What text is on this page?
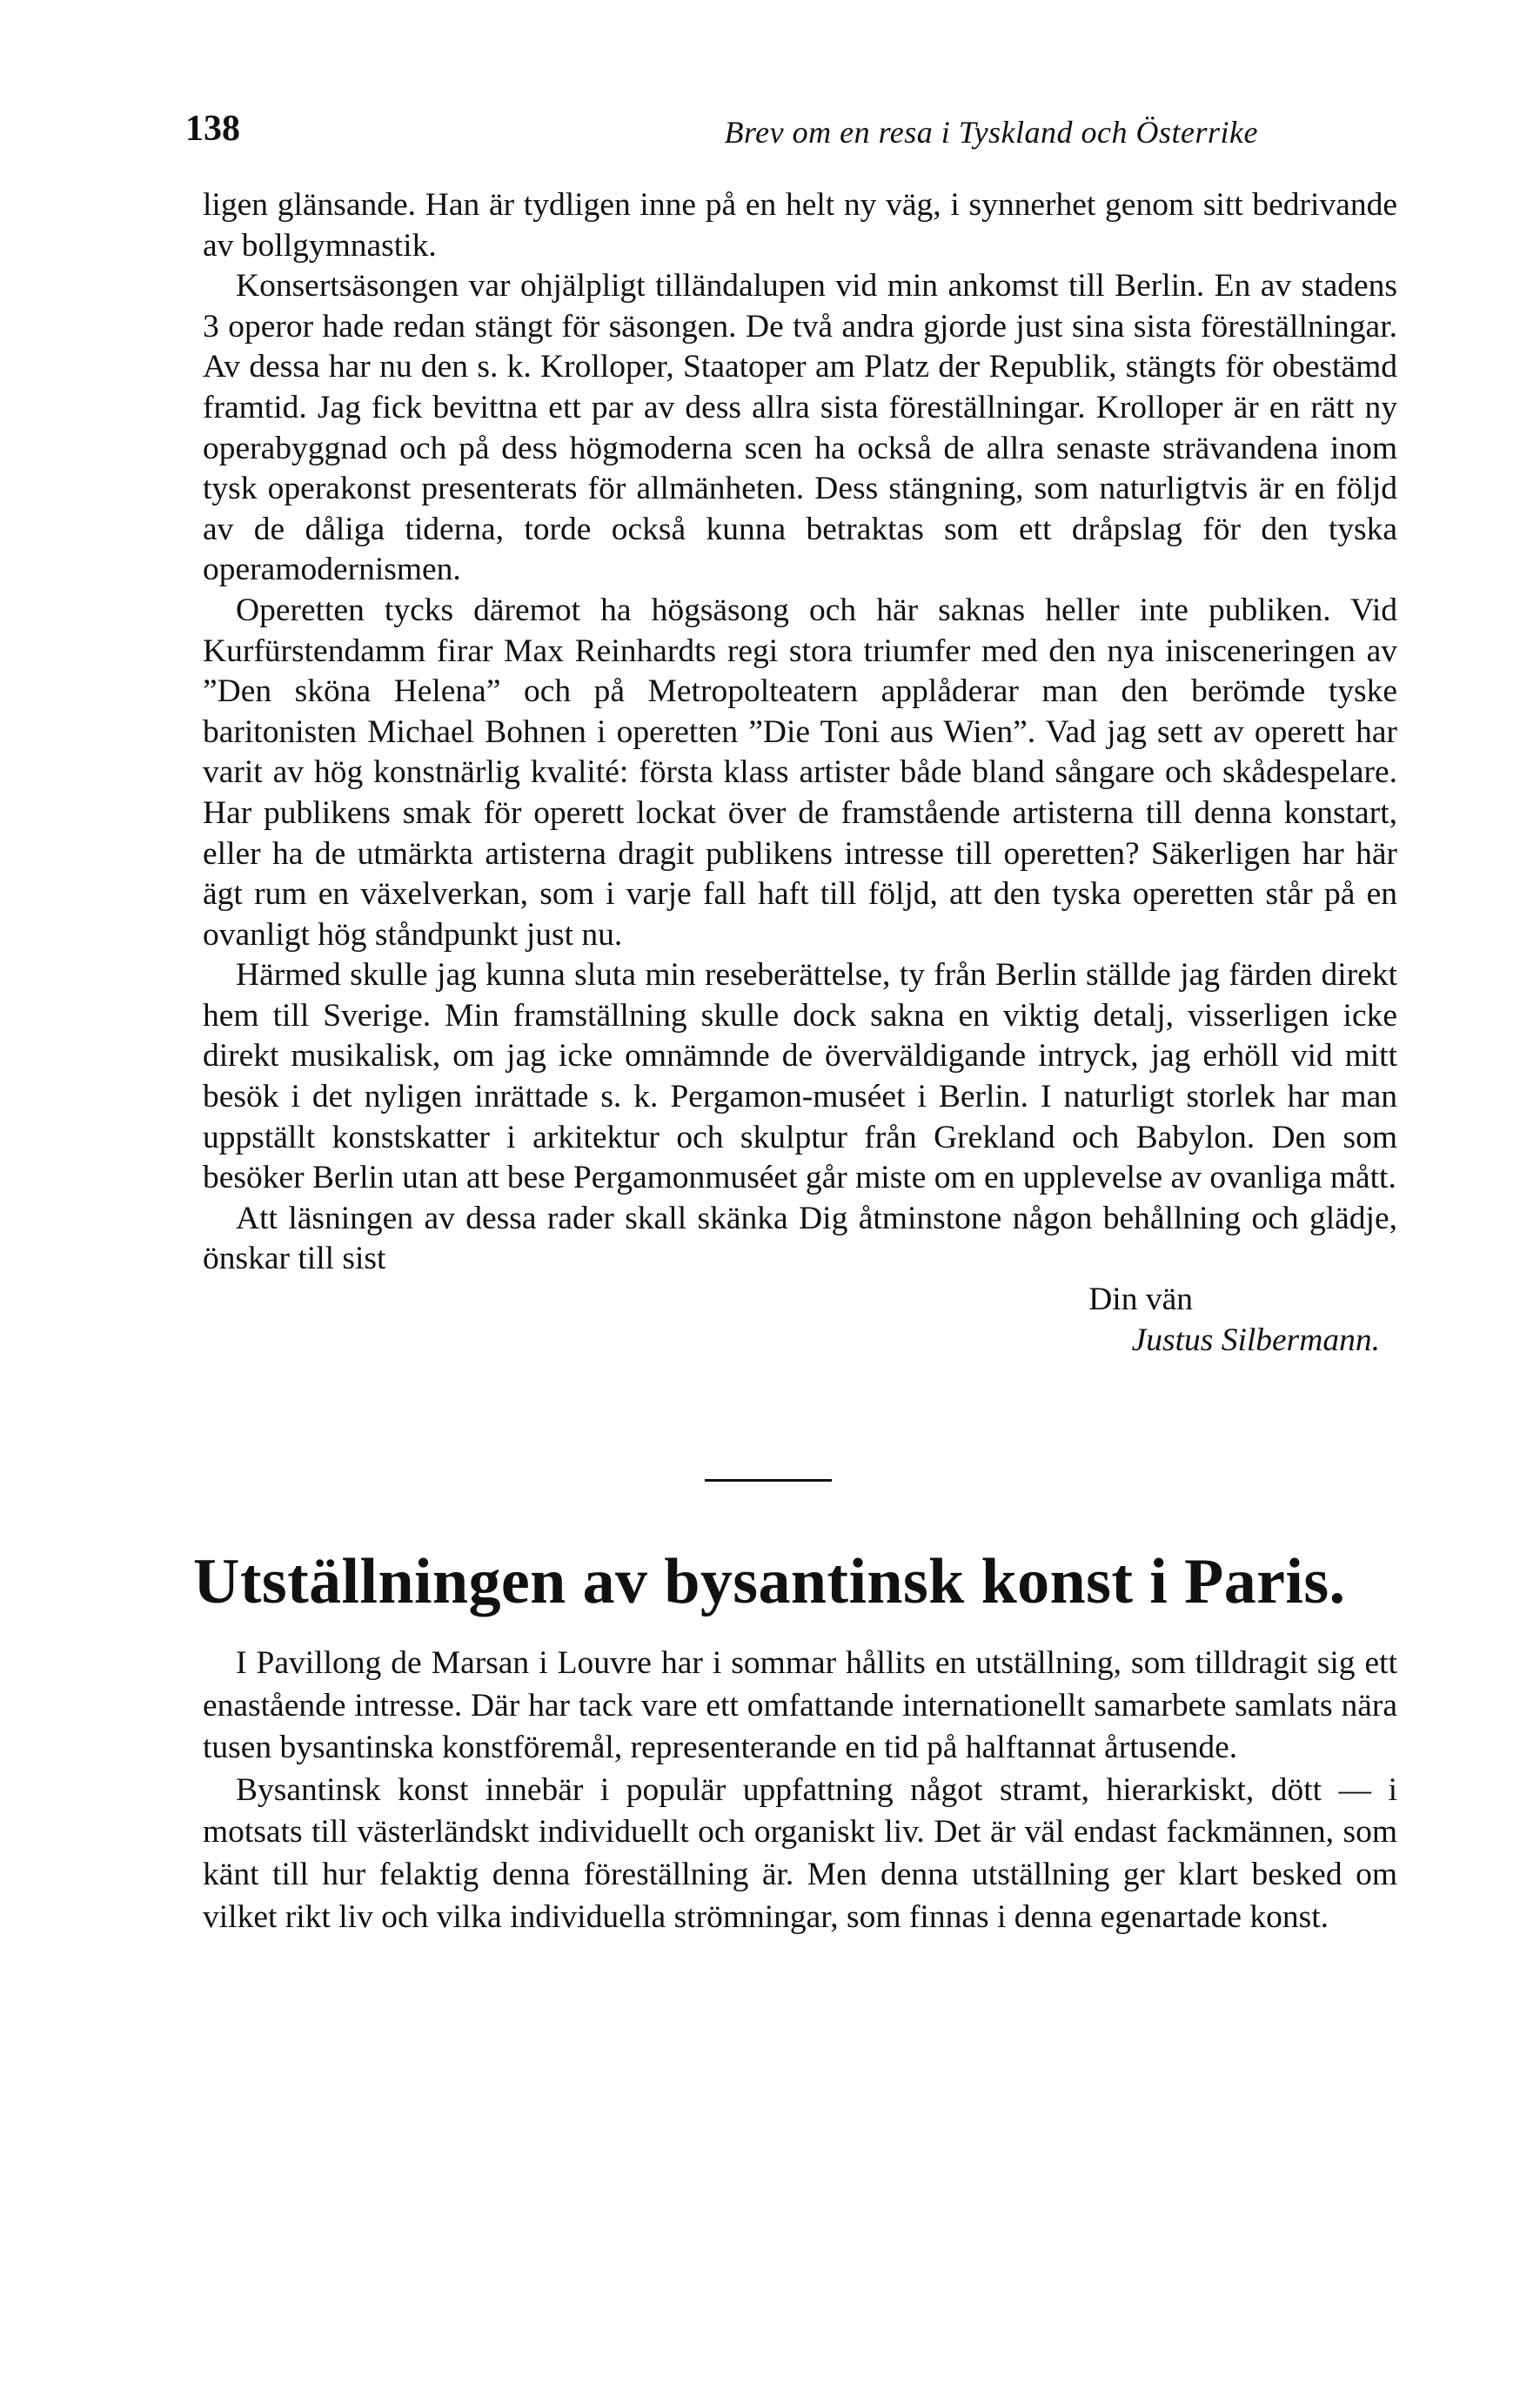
138	Brev om en resa i Tyskland och Österrike

ligen glänsande. Han är tydligen inne på en helt ny väg, i synnerhet genom sitt bedrivande av bollgymnastik.

Konsertsäsongen var ohjälpligt tilländalupen vid min ankomst till Berlin. En av stadens 3 operor hade redan stängt för säsongen. De två andra gjorde just sina sista föreställningar. Av dessa har nu den s. k. Krolloper, Staatoper am Platz der Republik, stängts för obestämd framtid. Jag fick bevittna ett par av dess allra sista föreställningar. Krolloper är en rätt ny operabyggnad och på dess högmoderna scen ha också de allra senaste strävandena inom tysk operakonst presenterats för allmänheten. Dess stängning, som naturligtvis är en följd av de dåliga tiderna, torde också kunna betraktas som ett dråpslag för den tyska operamodernismen.

Operetten tycks däremot ha högsäsong och här saknas heller inte publiken. Vid Kurfürstendamm firar Max Reinhardts regi stora triumfer med den nya inisceneringen av ”Den sköna Helena” och på Metropolteatern applåderar man den berömde tyske baritonisten Michael Bohnen i operetten ”Die Toni aus Wien”. Vad jag sett av operett har varit av hög konstnärlig kvalité: första klass artister både bland sångare och skådespelare. Har publikens smak för operett lockat över de framstående artisterna till denna konstart, eller ha de utmärkta artisterna dragit publikens intresse till operetten? Säkerligen har här ägt rum en växelverkan, som i varje fall haft till följd, att den tyska operetten står på en ovanligt hög ståndpunkt just nu.

Härmed skulle jag kunna sluta min reseberättelse, ty från Berlin ställde jag färden direkt hem till Sverige. Min framställning skulle dock sakna en viktig detalj, visserligen icke direkt musikalisk, om jag icke omnämnde de överväldigande intryck, jag erhöll vid mitt besök i det nyligen inrättade s. k. Pergamon-muséet i Berlin. I naturligt storlek har man uppställt konstskatter i arkitektur och skulptur från Grekland och Babylon. Den som besöker Berlin utan att bese Pergamonmuséet går miste om en upplevelse av ovanliga mått.

Att läsningen av dessa rader skall skänka Dig åtminstone någon behållning och glädje, önskar till sist

Din vän

Justus Silbermann.

Utställningen av bysantinsk konst i Paris.

I Pavillong de Marsan i Louvre har i sommar hållits en utställning, som tilldragit sig ett enastående intresse. Där har tack vare ett omfattande internationellt samarbete samlats nära tusen bysantinska konstföremål, representerande en tid på halftannat årtusende.

Bysantinsk konst innebär i populär uppfattning något stramt, hierarkiskt, dött — i motsats till västerländskt individuellt och organiskt liv. Det är väl endast fackmännen, som känt till hur felaktig denna föreställning är. Men denna utställning ger klart besked om vilket rikt liv och vilka individuella strömningar, som finnas i denna egenartade konst.
